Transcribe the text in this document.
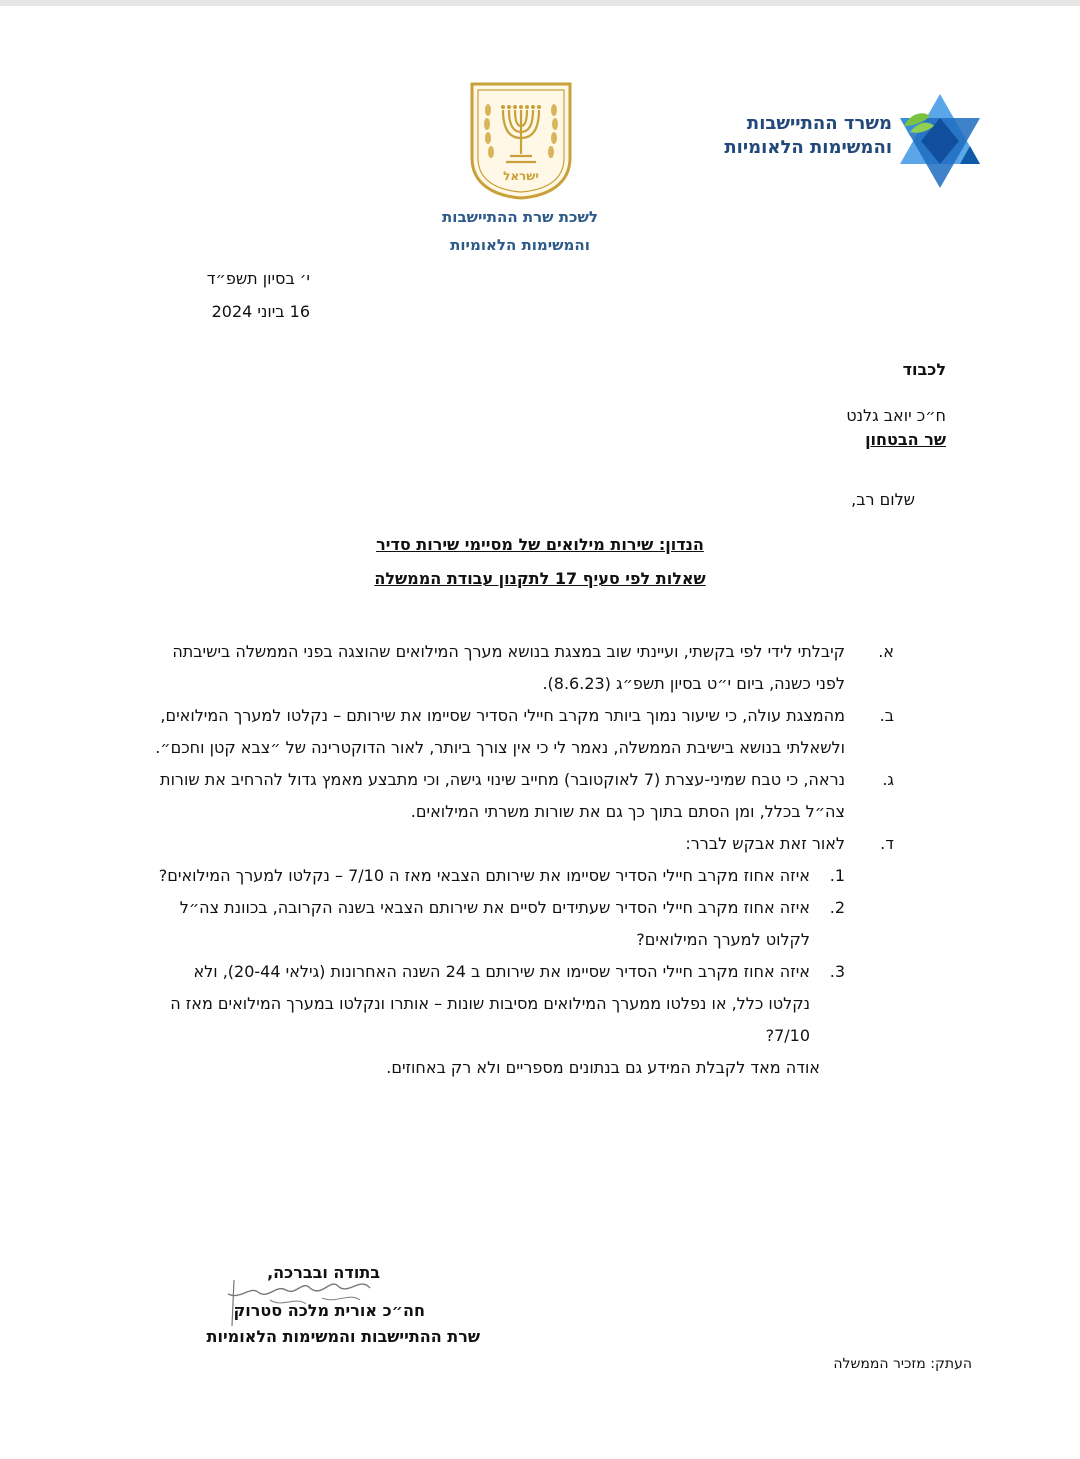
משרד ההתיישבות
והמשימות הלאומיות
ישראל
לשכת שרת ההתיישבות
והמשימות הלאומיות
י׳ בסיון תשפ״ד
16 ביוני 2024
לכבוד
ח״כ יואב גלנט
שר הבטחון
שלום רב,
הנדון: שירות מילואים של מסיימי שירות סדיר
שאלות לפי סעיף 17 לתקנון עבודת הממשלה
א.
קיבלתי לידי לפי בקשתי, ועיינתי שוב במצגת בנושא מערך המילואים שהוצגה בפני הממשלה בישיבתה לפני כשנה, ביום י״ט בסיון תשפ״ג (8.6.23).
ב.
מהמצגת עולה, כי שיעור נמוך ביותר מקרב חיילי הסדיר שסיימו את שירותם – נקלטו למערך המילואים, ולשאלתי בנושא בישיבת הממשלה, נאמר לי כי אין צורך ביותר, לאור הדוקטרינה של ״צבא קטן וחכם״.
ג.
נראה, כי טבח שמיני-עצרת (7 לאוקטובר) מחייב שינוי גישה, וכי מתבצע מאמץ גדול להרחיב את שורות צה״ל בכלל, ומן הסתם בתוך כך גם את שורות משרתי המילואים.
ד.
לאור זאת אבקש לברר:
1.
איזה אחוז מקרב חיילי הסדיר שסיימו את שירותם הצבאי מאז ה 7/10 – נקלטו למערך המילואים?
2.
איזה אחוז מקרב חיילי הסדיר שעתידים לסיים את שירותם הצבאי בשנה הקרובה, בכוונת צה״ל לקלוט למערך המילואים?
3.
איזה אחוז מקרב חיילי הסדיר שסיימו את שירותם ב 24 השנה האחרונות (גילאי 20-44), ולא נקלטו כלל, או נפלטו ממערך המילואים מסיבות שונות – אותרו ונקלטו במערך המילואים מאז ה 7/10?
אודה מאד לקבלת המידע גם בנתונים מספריים ולא רק באחוזים.
בתודה ובברכה,
חה״כ אורית מלכה סטרוק
שרת ההתיישבות והמשימות הלאומיות
העתק: מזכיר הממשלה
